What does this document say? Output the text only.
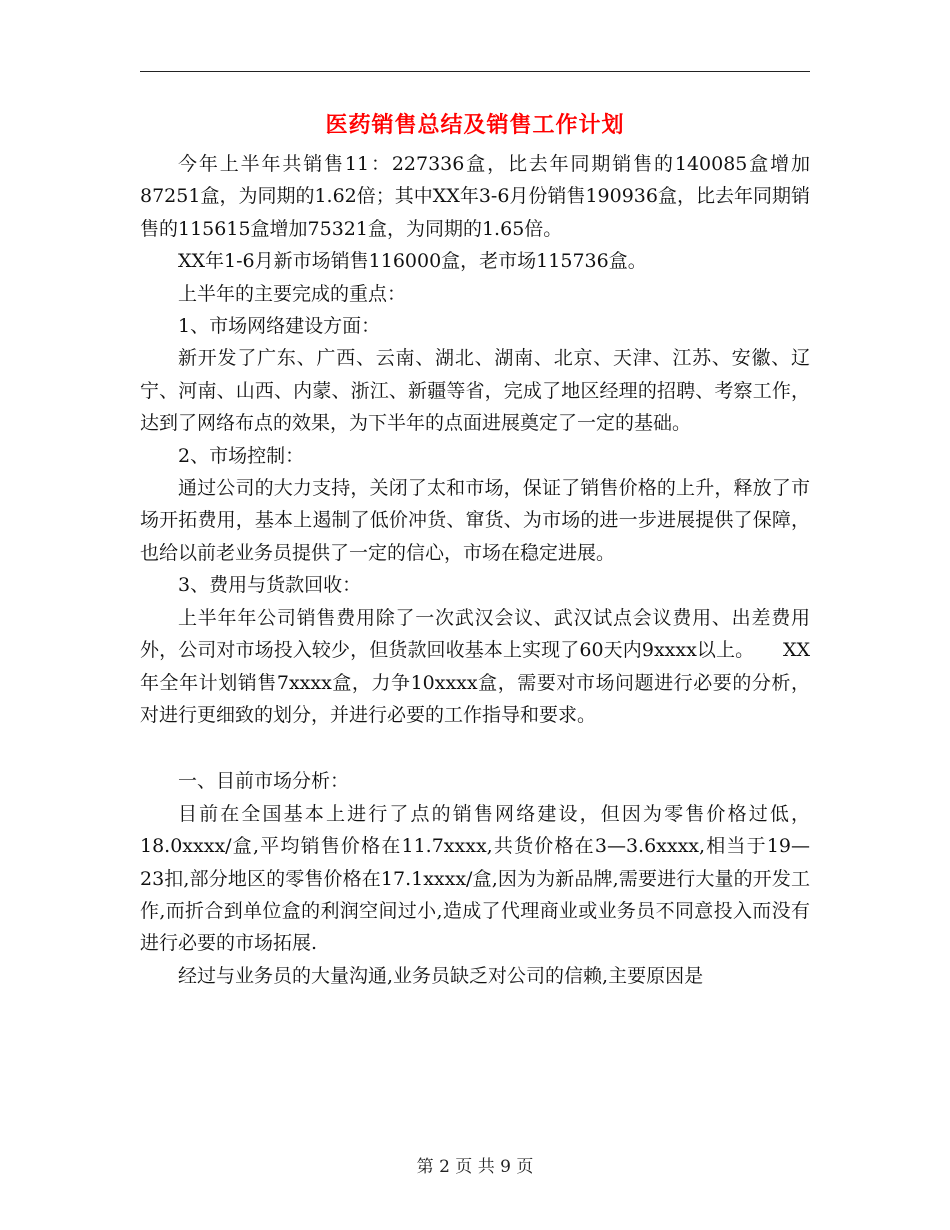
医药销售总结及销售工作计划

今年上半年共销售11：227336盒，比去年同期销售的140085盒增加87251盒，为同期的1.62倍；其中XX年3-6月份销售190936盒，比去年同期销售的115615盒增加75321盒，为同期的1.65倍。

XX年1-6月新市场销售116000盒，老市场115736盒。

上半年的主要完成的重点：

1、市场网络建设方面：

新开发了广东、广西、云南、湖北、湖南、北京、天津、江苏、安徽、辽宁、河南、山西、内蒙、浙江、新疆等省，完成了地区经理的招聘、考察工作，达到了网络布点的效果，为下半年的点面进展奠定了一定的基础。

2、市场控制：

通过公司的大力支持，关闭了太和市场，保证了销售价格的上升，释放了市场开拓费用，基本上遏制了低价冲货、窜货、为市场的进一步进展提供了保障，也给以前老业务员提供了一定的信心，市场在稳定进展。

3、费用与货款回收：

上半年年公司销售费用除了一次武汉会议、武汉试点会议费用、出差费用外，公司对市场投入较少，但货款回收基本上实现了60天内9xxxx以上。　　XX年全年计划销售7xxxx盒，力争10xxxx盒，需要对市场问题进行必要的分析，对进行更细致的划分，并进行必要的工作指导和要求。

一、目前市场分析：

目前在全国基本上进行了点的销售网络建设，但因为零售价格过低，18.0xxxx/盒,平均销售价格在11.7xxxx,共货价格在3—3.6xxxx,相当于19—23扣,部分地区的零售价格在17.1xxxx/盒,因为为新品牌,需要进行大量的开发工作,而折合到单位盒的利润空间过小,造成了代理商业或业务员不同意投入而没有进行必要的市场拓展.

经过与业务员的大量沟通,业务员缺乏对公司的信赖,主要原因是

第 2 页 共 9 页
